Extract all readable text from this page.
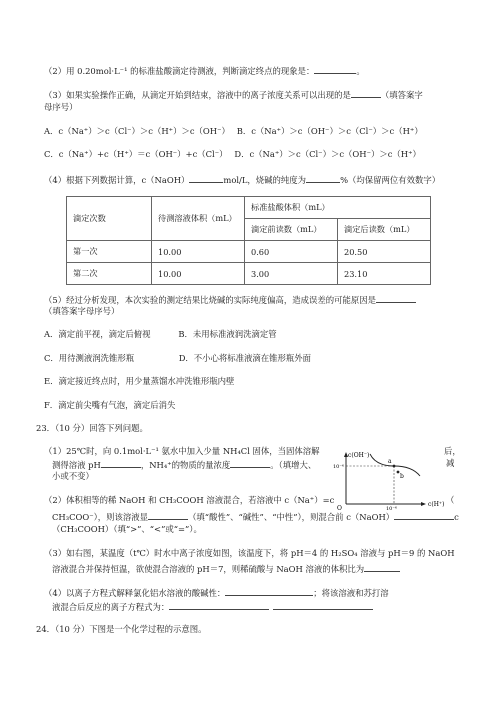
（2）用 0.20mol·L⁻¹ 的标准盐酸滴定待测液，判断滴定终点的现象是：	。
（3）如果实验操作正确，从滴定开始到结束，溶液中的离子浓度关系可以出现的是	（填答案字
母序号）
A．c（Na⁺）＞c（Cl⁻）＞c（H⁺）＞c（OH⁻）　 B．c（Na⁺）＞c（OH⁻）＞c（Cl⁻）＞c（H⁺）
C．c（Na⁺）+c（H⁺）＝c（OH⁻）+c（Cl⁻）　 D．c（Na⁺）＞c（Cl⁻）＞c（OH⁻）＞c（H⁺）
（4）根据下列数据计算，c（NaOH）	mol/L，烧碱的纯度为	%（均保留两位有效数字）
滴定次数	待测溶液体积（mL）	标准盐酸体积（mL）	
		滴定前读数（mL）	滴定后读数（mL）
第一次	10.00	0.60	20.50
第二次	10.00	3.00	23.10
（5）经过分析发现，本次实验的测定结果比烧碱的实际纯度偏高，造成误差的可能原因是
（填答案字母序号）
A．滴定前平视，滴定后俯视　　　 B．未用标准液润洗滴定管
C．用待测液润洗锥形瓶　　　　　 D．不小心将标准液滴在锥形瓶外面
E．滴定接近终点时，用少量蒸馏水冲洗锥形瓶内壁
F．滴定前尖嘴有气泡，滴定后消失
23．（10 分）回答下列问题。
（1）25℃时，向 0.1mol·L⁻¹ 氨水中加入少量 NH₄Cl 固体，当固体溶解	后，
测得溶液 pH	，NH₄⁺的物质的量浓度	。（填增大、	减
小或不变）
（2）体积相等的稀 NaOH 和 CH₃COOH 溶液混合，若溶液中 c（Na⁺）=c	（
CH₃COO⁻），则该溶液显	（填“酸性”、“碱性”、“中性”），则混合前 c（NaOH）	c
（CH₃COOH）（填“>”、“<”或“=”）。
（3）如右图，某温度（t℃）时水中离子浓度如图，该温度下，将 pH＝4 的 H₂SO₄ 溶液与 pH＝9 的 NaOH
溶液混合并保持恒温，欲使混合溶液的 pH＝7，则稀硫酸与 NaOH 溶液的体积比为
（4）以离子方程式解释氯化铝水溶液的酸碱性：	；将该溶液和苏打溶
液混合后反应的离子方程式为：
24．（10 分）下图是一个化学过程的示意图。
c(OH⁻)
c(H⁺)
O
10⁻⁶
10⁻⁶
a
b
